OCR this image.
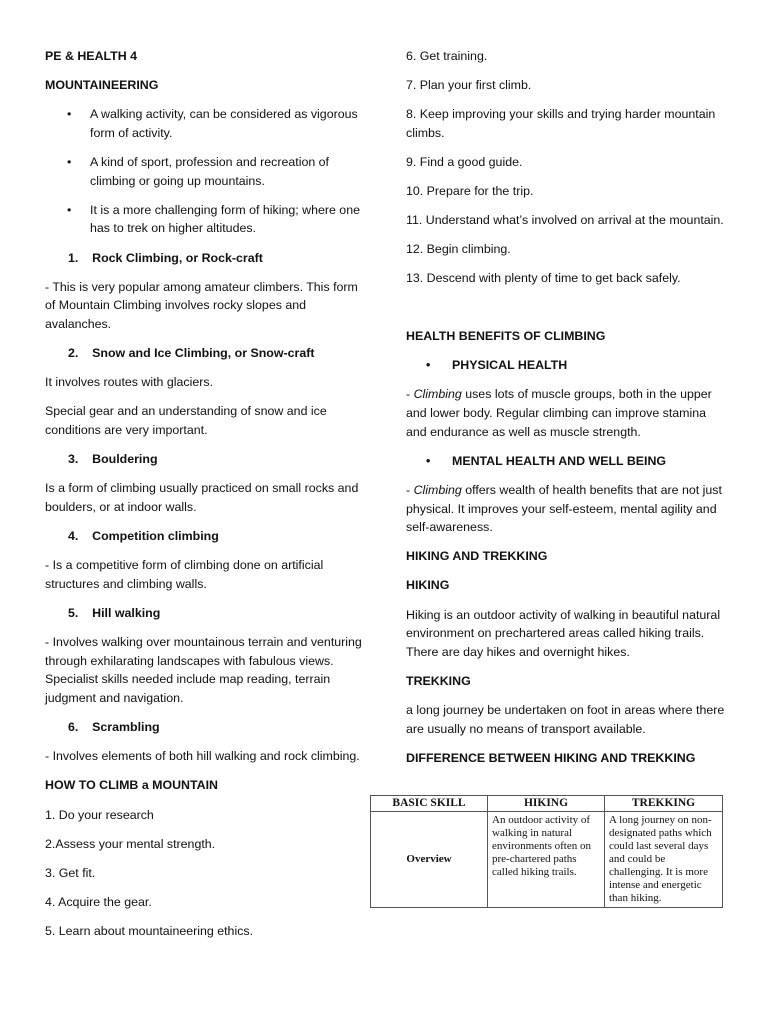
PE & HEALTH 4
MOUNTAINEERING
• A walking activity, can be considered as vigorous form of activity.
• A kind of sport, profession and recreation of climbing or going up mountains.
• It is a more challenging form of hiking; where one has to trek on higher altitudes.
1. Rock Climbing, or Rock-craft

- This is very popular among amateur climbers. This form of Mountain Climbing involves rocky slopes and avalanches.

2. Snow and Ice Climbing, or Snow-craft

It involves routes with glaciers.

Special gear and an understanding of snow and ice conditions are very important.

3. Bouldering

Is a form of climbing usually practiced on small rocks and boulders, or at indoor walls.

4. Competition climbing

- Is a competitive form of climbing done on artificial structures and climbing walls.

5. Hill walking

- Involves walking over mountainous terrain and venturing through exhilarating landscapes with fabulous views. Specialist skills needed include map reading, terrain judgment and navigation.

6. Scrambling

- Involves elements of both hill walking and rock climbing.

HOW TO CLIMB a MOUNTAIN

1. Do your research

2.Assess your mental strength.

3. Get fit.

4. Acquire the gear.

5. Learn about mountaineering ethics.

6. Get training.

7. Plan your first climb.

8. Keep improving your skills and trying harder mountain climbs.

9. Find a good guide.

10. Prepare for the trip.

11. Understand what’s involved on arrival at the mountain.

12. Begin climbing.

13. Descend with plenty of time to get back safely.

HEALTH BENEFITS OF CLIMBING
•	PHYSICAL HEALTH

- Climbing uses lots of muscle groups, both in the upper and lower body. Regular climbing can improve stamina and endurance as well as muscle strength.

•	MENTAL HEALTH AND WELL BEING

- Climbing offers wealth of health benefits that are not just physical. It improves your self-esteem, mental agility and self-awareness.

HIKING AND TREKKING
HIKING

Hiking is an outdoor activity of walking in beautiful natural environment on prechartered areas called hiking trails. There are day hikes and overnight hikes.

TREKKING

a long journey be undertaken on foot in areas where there are usually no means of transport available.

DIFFERENCE BETWEEN HIKING AND TREKKING
BASIC SKILL	HIKING	TREKKING
Overview	An outdoor activity of walking in natural environments often on pre-chartered paths called hiking trails.	A long journey on non-designated paths which could last several days and could be challenging. It is more intense and energetic than hiking.
